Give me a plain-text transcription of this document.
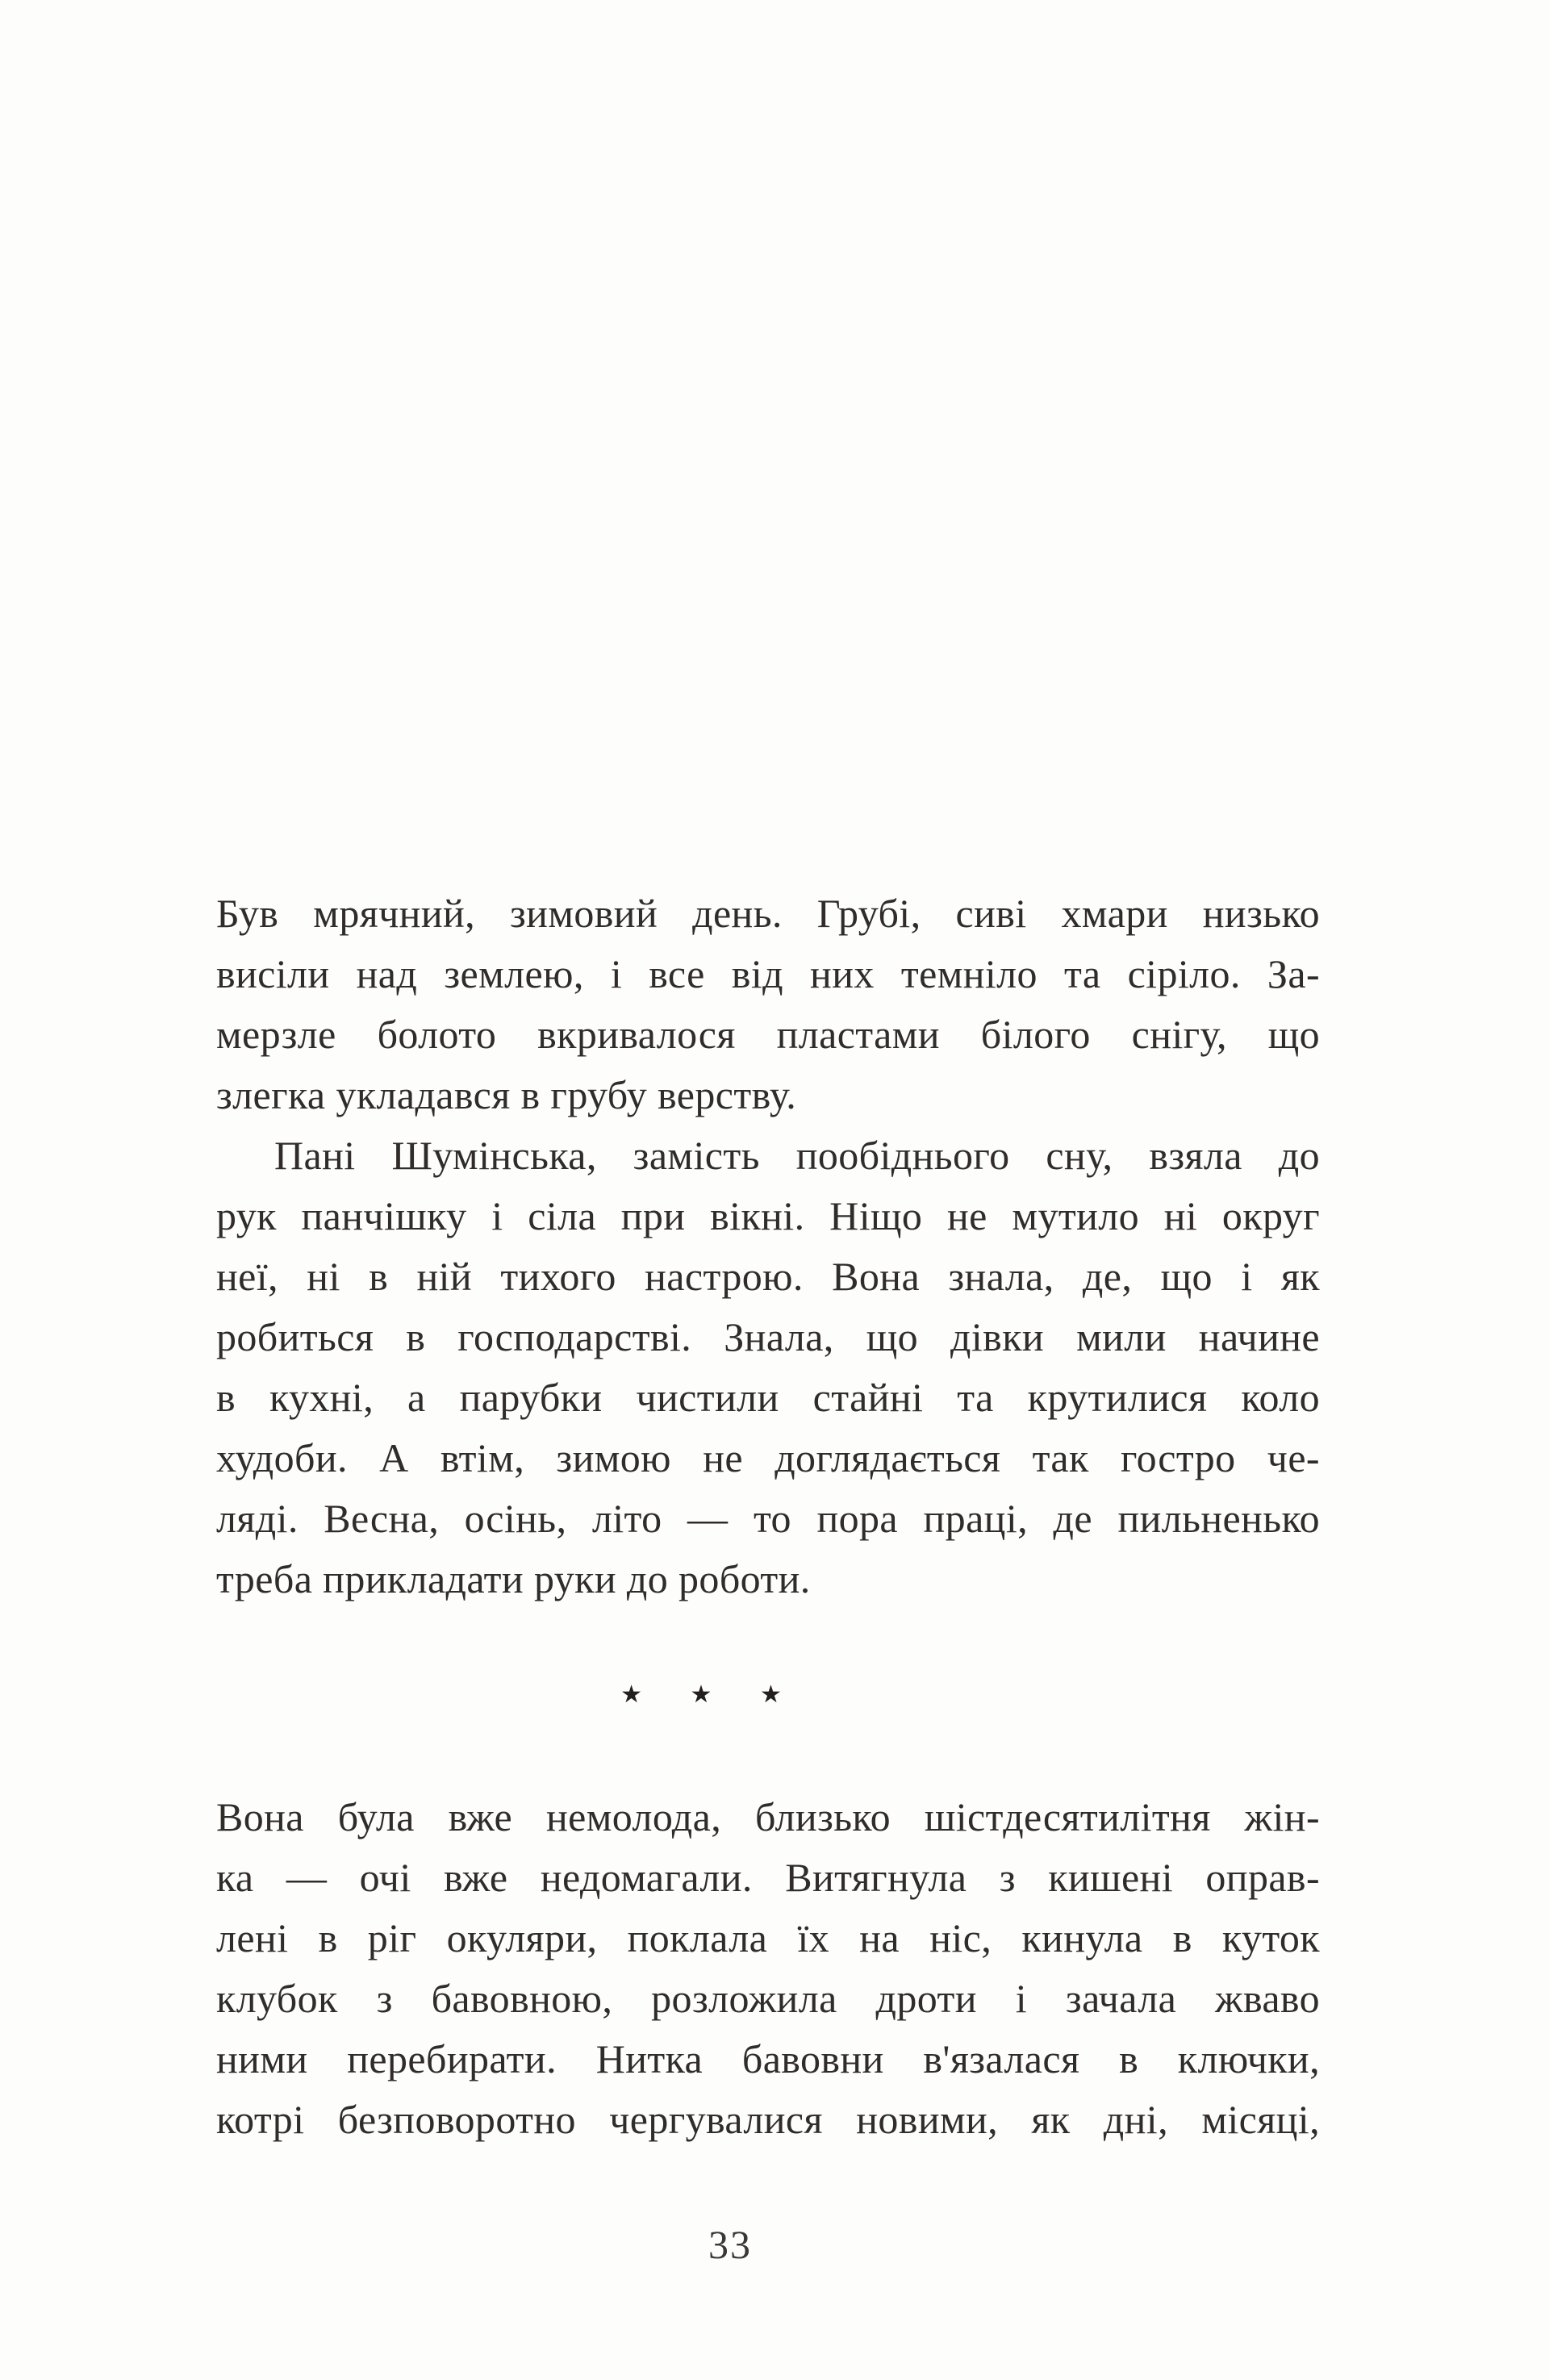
Був мрячний, зимовий день. Грубі, сиві хмари низько
висіли над землею, і все від них темніло та сіріло. За-
мерзле болото вкривалося пластами білого снігу, що
злегка укладався в грубу верству.
Пані Шумінська, замість пообіднього сну, взяла до
рук панчішку і сіла при вікні. Ніщо не мутило ні округ
неї, ні в ній тихого настрою. Вона знала, де, що і як
робиться в господарстві. Знала, що дівки мили начине
в кухні, а парубки чистили стайні та крутилися коло
худоби. А втім, зимою не доглядається так гостро че-
ляді. Весна, осінь, літо — то пора праці, де пильненько
треба прикладати руки до роботи.
★ ★ ★
Вона була вже немолода, близько шістдесятилітня жін-
ка — очі вже недомагали. Витягнула з кишені оправ-
лені в ріг окуляри, поклала їх на ніс, кинула в куток
клубок з бавовною, розложила дроти і зачала жваво
ними перебирати. Нитка бавовни в'язалася в ключки,
котрі безповоротно чергувалися новими, як дні, місяці,
33
